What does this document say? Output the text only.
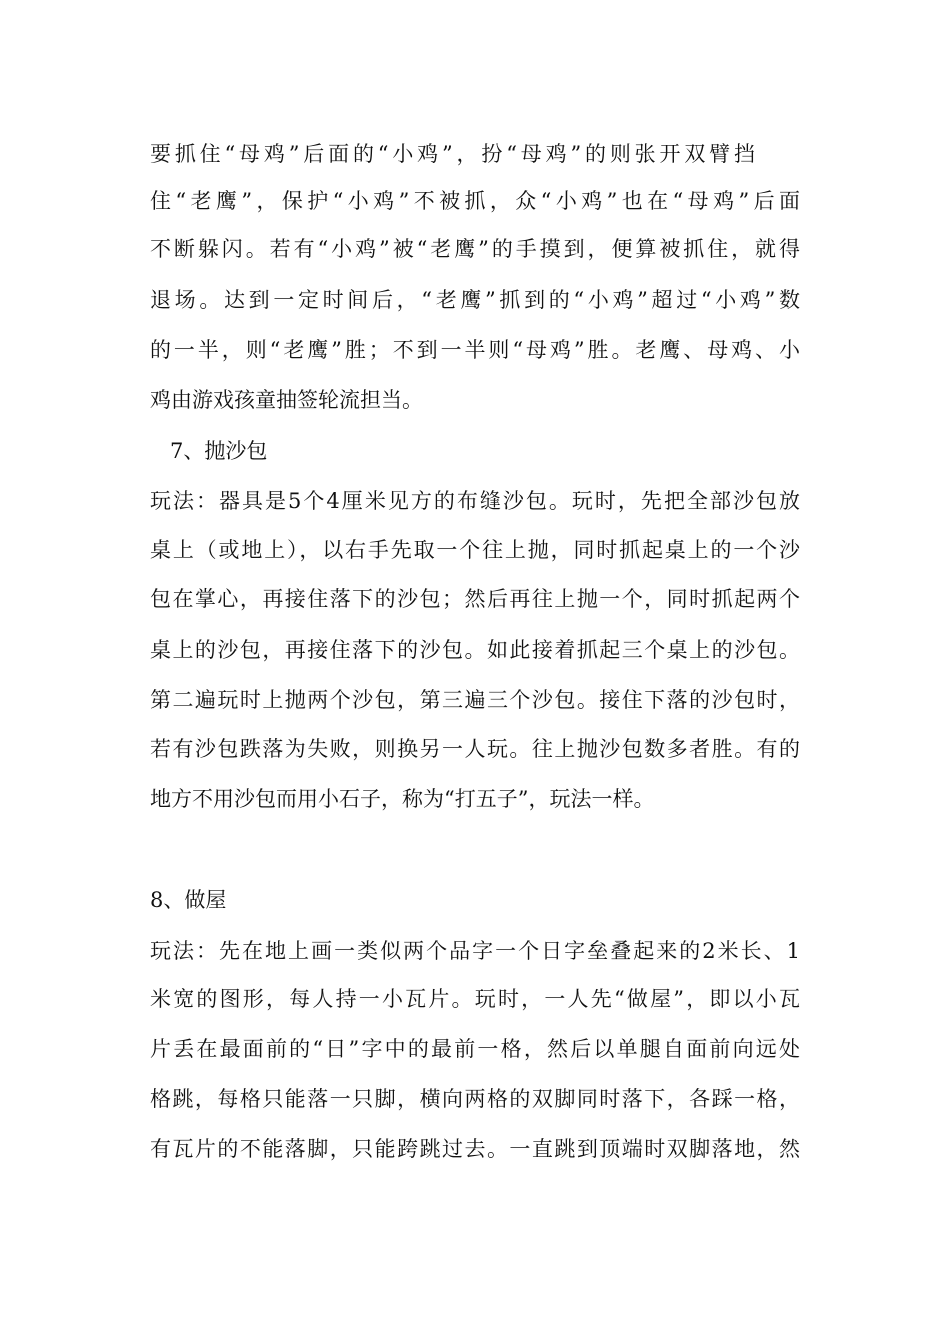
要抓住“母鸡”后面的“小鸡”，扮“母鸡”的则张开双臂挡
住“老鹰”，保护“小鸡”不被抓，众“小鸡”也在“母鸡”后面
不断躲闪。若有“小鸡”被“老鹰”的手摸到，便算被抓住，就得
退场。达到一定时间后，“老鹰”抓到的“小鸡”超过“小鸡”数
的一半，则“老鹰”胜；不到一半则“母鸡”胜。老鹰、母鸡、小
鸡由游戏孩童抽签轮流担当。
7、抛沙包
玩法：器具是5个4厘米见方的布缝沙包。玩时，先把全部沙包放
桌上（或地上），以右手先取一个往上抛，同时抓起桌上的一个沙
包在掌心，再接住落下的沙包；然后再往上抛一个，同时抓起两个
桌上的沙包，再接住落下的沙包。如此接着抓起三个桌上的沙包。
第二遍玩时上抛两个沙包，第三遍三个沙包。接住下落的沙包时，
若有沙包跌落为失败，则换另一人玩。往上抛沙包数多者胜。有的
地方不用沙包而用小石子，称为“打五子”，玩法一样。
8、做屋
玩法：先在地上画一类似两个品字一个日字垒叠起来的2米长、1
米宽的图形，每人持一小瓦片。玩时，一人先“做屋”，即以小瓦
片丢在最面前的“日”字中的最前一格，然后以单腿自面前向远处
格跳，每格只能落一只脚，横向两格的双脚同时落下，各踩一格，
有瓦片的不能落脚，只能跨跳过去。一直跳到顶端时双脚落地，然
